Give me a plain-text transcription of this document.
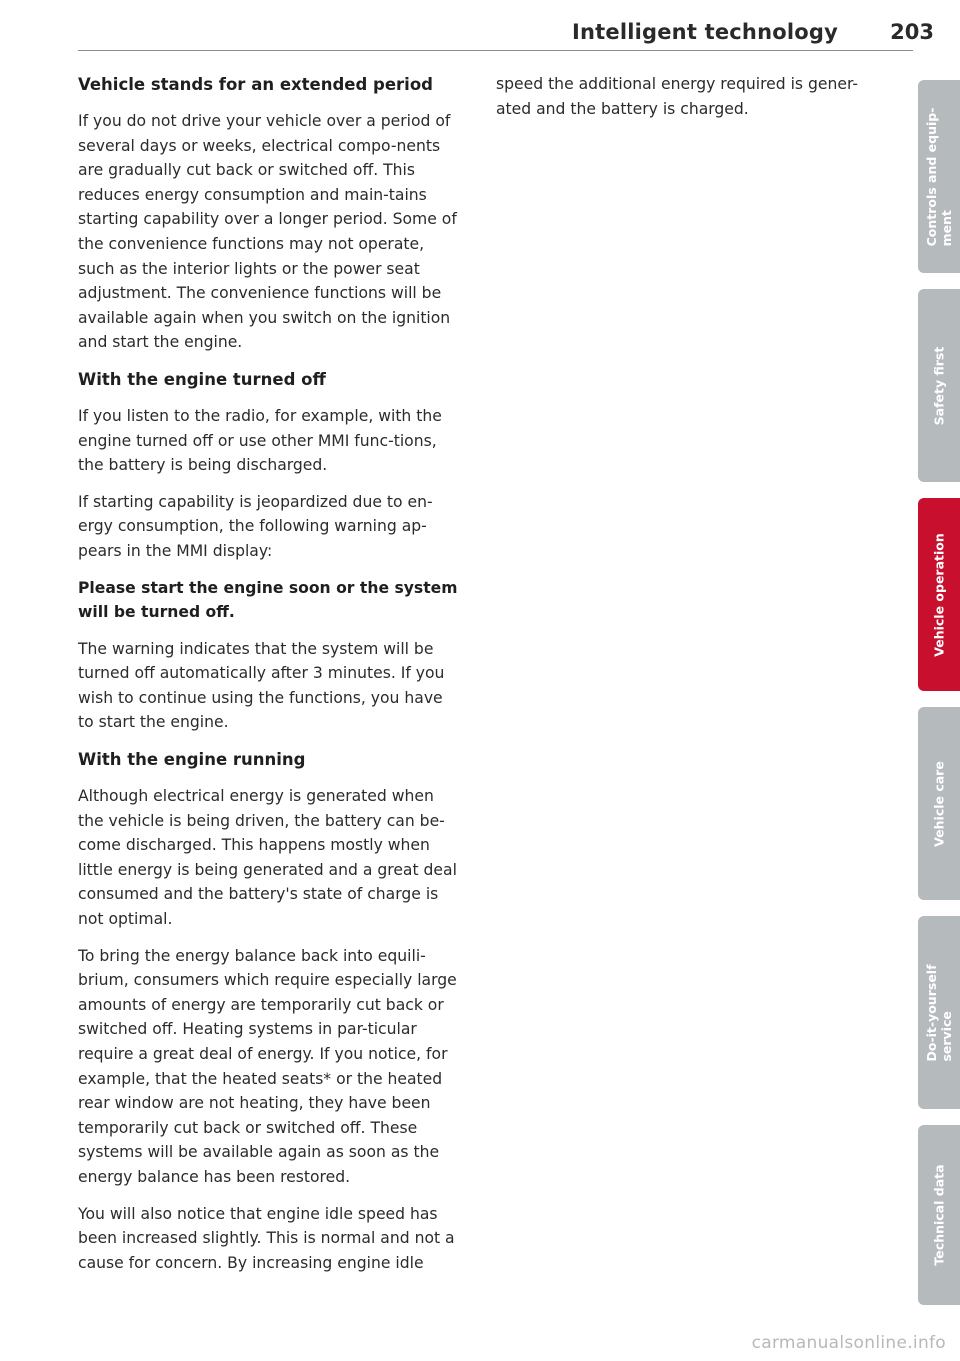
Intelligent technology 203
Vehicle stands for an extended period

If you do not drive your vehicle over a period of several days or weeks, electrical compo-nents are gradually cut back or switched off. This reduces energy consumption and main-tains starting capability over a longer period. Some of the convenience functions may not operate, such as the interior lights or the power seat adjustment. The convenience functions will be available again when you switch on the ignition and start the engine.

With the engine turned off

If you listen to the radio, for example, with the engine turned off or use other MMI func-tions, the battery is being discharged.

If starting capability is jeopardized due to en-ergy consumption, the following warning ap-pears in the MMI display:

Please start the engine soon or the system will be turned off.

The warning indicates that the system will be turned off automatically after 3 minutes. If you wish to continue using the functions, you have to start the engine.

With the engine running

Although electrical energy is generated when the vehicle is being driven, the battery can be-come discharged. This happens mostly when little energy is being generated and a great deal consumed and the battery's state of charge is not optimal.

To bring the energy balance back into equili-brium, consumers which require especially large amounts of energy are temporarily cut back or switched off. Heating systems in par-ticular require a great deal of energy. If you notice, for example, that the heated seats* or the heated rear window are not heating, they have been temporarily cut back or switched off. These systems will be available again as soon as the energy balance has been restored.

You will also notice that engine idle speed has been increased slightly. This is normal and not a cause for concern. By increasing engine idle

speed the additional energy required is gener-ated and the battery is charged.

Controls and equip-
ment
Safety first
Vehicle operation
Vehicle care
Do-it-yourself
service
Technical data
carmanualsonline.info
